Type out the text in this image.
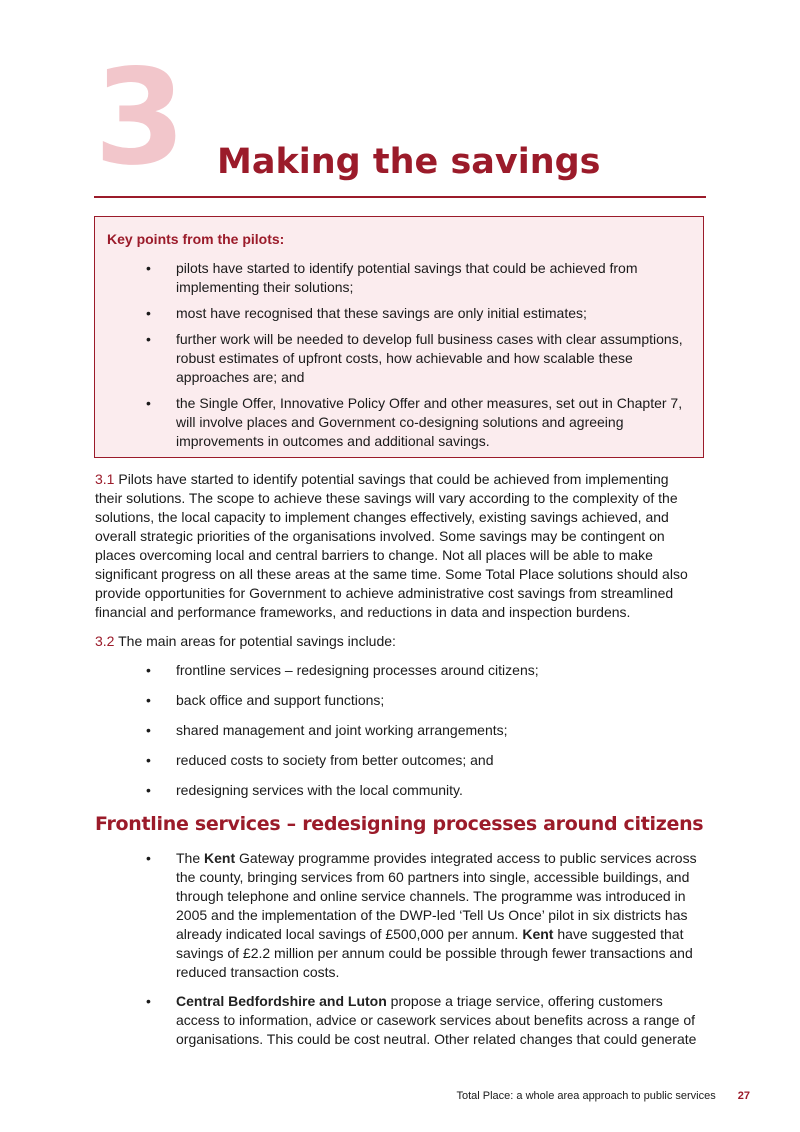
3 Making the savings

Key points from the pilots:

• pilots have started to identify potential savings that could be achieved from implementing their solutions;
• most have recognised that these savings are only initial estimates;
• further work will be needed to develop full business cases with clear assumptions, robust estimates of upfront costs, how achievable and how scalable these approaches are; and
• the Single Offer, Innovative Policy Offer and other measures, set out in Chapter 7, will involve places and Government co-designing solutions and agreeing improvements in outcomes and additional savings.

3.1 Pilots have started to identify potential savings that could be achieved from implementing their solutions. The scope to achieve these savings will vary according to the complexity of the solutions, the local capacity to implement changes effectively, existing savings achieved, and overall strategic priorities of the organisations involved. Some savings may be contingent on places overcoming local and central barriers to change. Not all places will be able to make significant progress on all these areas at the same time. Some Total Place solutions should also provide opportunities for Government to achieve administrative cost savings from streamlined financial and performance frameworks, and reductions in data and inspection burdens.

3.2 The main areas for potential savings include:

• frontline services – redesigning processes around citizens;
• back office and support functions;
• shared management and joint working arrangements;
• reduced costs to society from better outcomes; and
• redesigning services with the local community.
Frontline services – redesigning processes around citizens
• The Kent Gateway programme provides integrated access to public services across the county, bringing services from 60 partners into single, accessible buildings, and through telephone and online service channels. The programme was introduced in 2005 and the implementation of the DWP-led ‘Tell Us Once’ pilot in six districts has already indicated local savings of £500,000 per annum. Kent have suggested that savings of £2.2 million per annum could be possible through fewer transactions and reduced transaction costs.
• Central Bedfordshire and Luton propose a triage service, offering customers access to information, advice or casework services about benefits across a range of organisations. This could be cost neutral. Other related changes that could generate
Total Place: a whole area approach to public services 27
